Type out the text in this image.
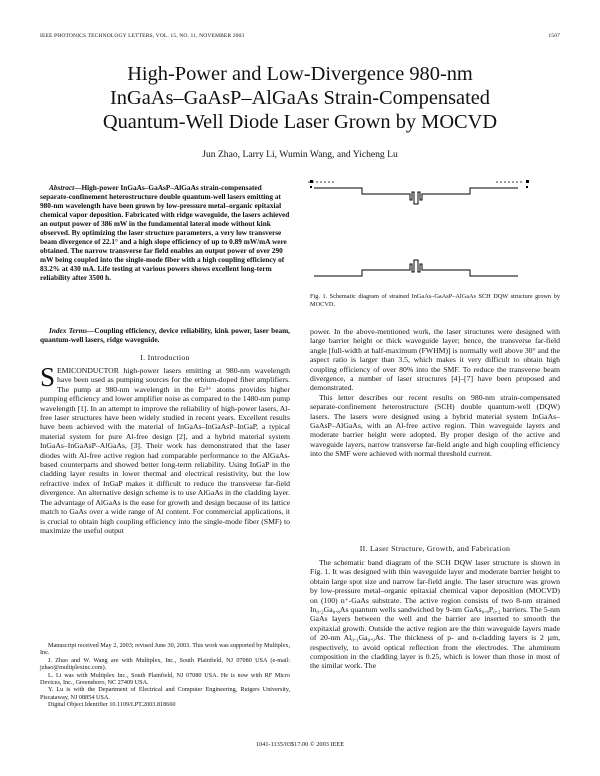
IEEE PHOTONICS TECHNOLOGY LETTERS, VOL. 15, NO. 11, NOVEMBER 2003	1507
High-Power and Low-Divergence 980-nm
InGaAs–GaAsP–AlGaAs Strain-Compensated
Quantum-Well Diode Laser Grown by MOCVD
Jun Zhao, Larry Li, Wumin Wang, and Yicheng Lu

Abstract—High-power InGaAs–GaAsP–AlGaAs strain-compensated separate-confinement heterostructure double quantum-well lasers emitting at 980-nm wavelength have been grown by low-pressure metal–organic epitaxial chemical vapor deposition. Fabricated with ridge waveguide, the lasers achieved an output power of 386 mW in the fundamental lateral mode without kink observed. By optimizing the laser structure parameters, a very low transverse beam divergence of 22.1° and a high slope efficiency of up to 0.89 mW/mA were obtained. The narrow transverse far field enables an output power of over 290 mW being coupled into the single-mode fiber with a high coupling efficiency of 83.2% at 430 mA. Life testing at various powers shows excellent long-term reliability after 3500 h.

Index Terms—Coupling efficiency, device reliability, kink power, laser beam, quantum-well lasers, ridge waveguide.

I. Introduction

SEMICONDUCTOR high-power lasers emitting at 980-nm wavelength have been used as pumping sources for the erbium-doped fiber amplifiers. The pump at 980-nm wavelength in the Er³⁺ atoms provides higher pumping efficiency and lower amplifier noise as compared to the 1480-nm pump wavelength [1]. In an attempt to improve the reliability of high-power lasers, Al-free laser structures have been widely studied in recent years. Excellent results have been achieved with the material of InGaAs–InGaAsP–InGaP, a typical material system for pure Al-free design [2], and a hybrid material system InGaAs–InGaAsP–AlGaAs, [3]. Their work has demonstrated that the laser diodes with Al-free active region had comparable performance to the AlGaAs-based counterparts and showed better long-term reliability. Using InGaP in the cladding layer results in lower thermal and electrical resistivity, but the low refractive index of InGaP makes it difficult to reduce the transverse far-field divergence. An alternative design scheme is to use AlGaAs in the cladding layer. The advantage of AlGaAs is the ease for growth and design because of its lattice match to GaAs over a wide range of Al content. For commercial applications, it is crucial to obtain high coupling efficiency into the single-mode fiber (SMF) to maximize the useful output

Manuscript received May 2, 2003; revised June 30, 2003. This work was supported by Multiplex, Inc.

J. Zhao and W. Wang are with Multiplex, Inc., South Plainfield, NJ 07080 USA (e-mail: jzhao@multiplexinc.com).

L. Li was with Multiplex Inc., South Plainfield, NJ 07080 USA. He is now with RF Micro Devices, Inc., Greensboro, NC 27409 USA.

Y. Lu is with the Department of Electrical and Computer Engineering, Rutgers University, Piscataway, NJ 08854 USA.

Digital Object Identifier 10.1109/LPT.2003.818660

Fig. 1. Schematic diagram of strained InGaAs–GaAsP–AlGaAs SCH DQW structure grown by MOCVD.

power. In the above-mentioned work, the laser structures were designed with large barrier height or thick waveguide layer; hence, the transverse far-field angle [full-width at half-maximum (FWHM)] is normally well above 30° and the aspect ratio is larger than 3.5, which makes it very difficult to obtain high coupling efficiency of over 80% into the SMF. To reduce the transverse beam divergence, a number of laser structures [4]–[7] have been proposed and demonstrated.

This letter describes our recent results on 980-nm strain-compensated separate-confinement heterostructure (SCH) double quantum-well (DQW) lasers. The lasers were designed using a hybrid material system InGaAs–GaAsP–AlGaAs, with an Al-free active region. Thin waveguide layers and moderate barrier height were adopted. By proper design of the active and waveguide layers, narrow transverse far-field angle and high coupling efficiency into the SMF were achieved with normal threshold current.

II. Laser Structure, Growth, and Fabrication

The schematic band diagram of the SCH DQW laser structure is shown in Fig. 1. It was designed with thin waveguide layer and moderate barrier height to obtain large spot size and narrow far-field angle. The laser structure was grown by low-pressure metal–organic epitaxial chemical vapor deposition (MOCVD) on (100) n⁺-GaAs substrate. The active region consists of two 8-nm strained In₀.₂Ga₀.₈As quantum wells sandwiched by 9-nm GaAs₀.₈P₀.₂ barriers. The 5-nm GaAs layers between the well and the barrier are inserted to smooth the expitaxial growth. Outside the active region are the thin waveguide layers made of 20-nm Al₀.₁Ga₀.₉As. The thickness of p- and n-cladding layers is 2 µm, respectively, to avoid optical reflection from the electrodes. The aluminum composition in the cladding layer is 0.25, which is lower than those in most of the similar work. The

1041-1135/03$17.00 © 2003 IEEE
